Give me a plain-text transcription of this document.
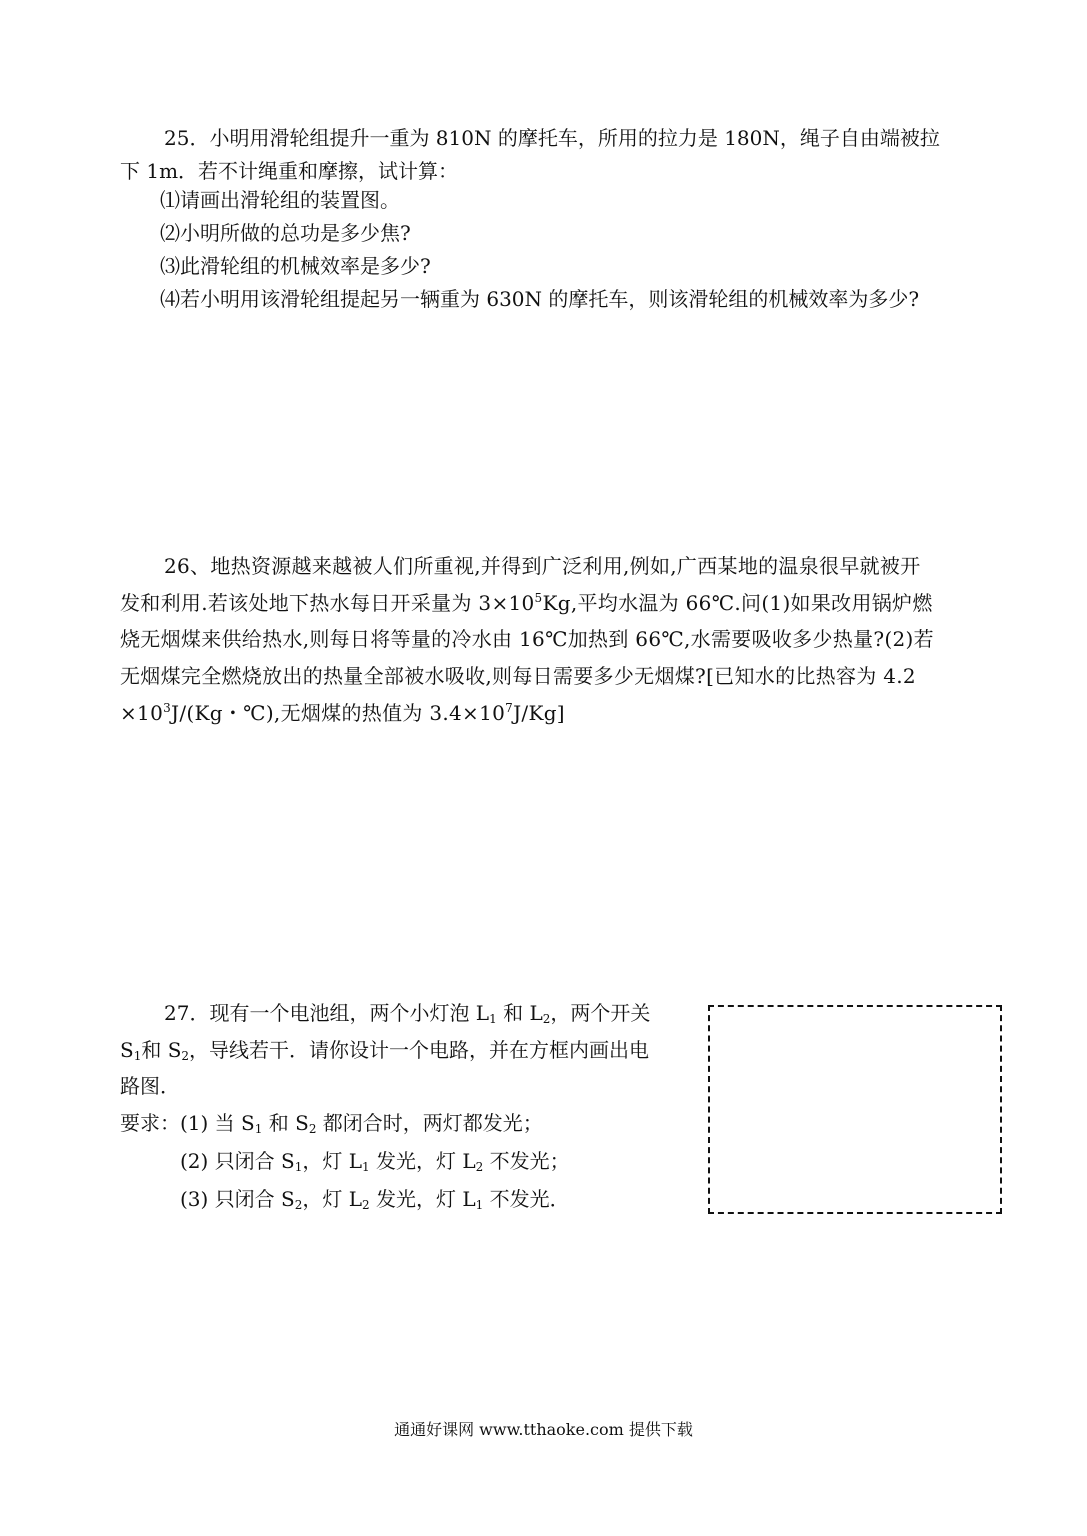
25．小明用滑轮组提升一重为 810N 的摩托车，所用的拉力是 180N，绳子自由端被拉
下 1m．若不计绳重和摩擦，试计算：
⑴请画出滑轮组的装置图。
⑵小明所做的总功是多少焦?
⑶此滑轮组的机械效率是多少?
⑷若小明用该滑轮组提起另一辆重为 630N 的摩托车，则该滑轮组的机械效率为多少?
26、地热资源越来越被人们所重视,并得到广泛利用,例如,广西某地的温泉很早就被开
发和利用.若该处地下热水每日开采量为 $3\times 10^5Kg$,平均水温为 66℃.问(1)如果改用锅炉燃
烧无烟煤来供给热水,则每日将等量的冷水由 16℃加热到 66℃,水需要吸收多少热量?(2)若
无烟煤完全燃烧放出的热量全部被水吸收,则每日需要多少无烟煤?[已知水的比热容为 4.2
$\times 10^3J/(Kg$・℃),无烟煤的热值为 $3.4\times 10^7J/Kg$]
27．现有一个电池组，两个小灯泡 $L_1$ 和 $L_2$，两个开关
$S_1$和 $S_2$，导线若干．请你设计一个电路，并在方框内画出电
路图．
要求：(1) 当 $S_1$ 和 $S_2$ 都闭合时，两灯都发光；
(2) 只闭合 $S_1$，灯 $L_1$ 发光，灯 $L_2$ 不发光；
(3) 只闭合 $S_2$，灯 $L_2$ 发光，灯 $L_1$ 不发光．
通通好课网 www.tthaoke.com 提供下载
